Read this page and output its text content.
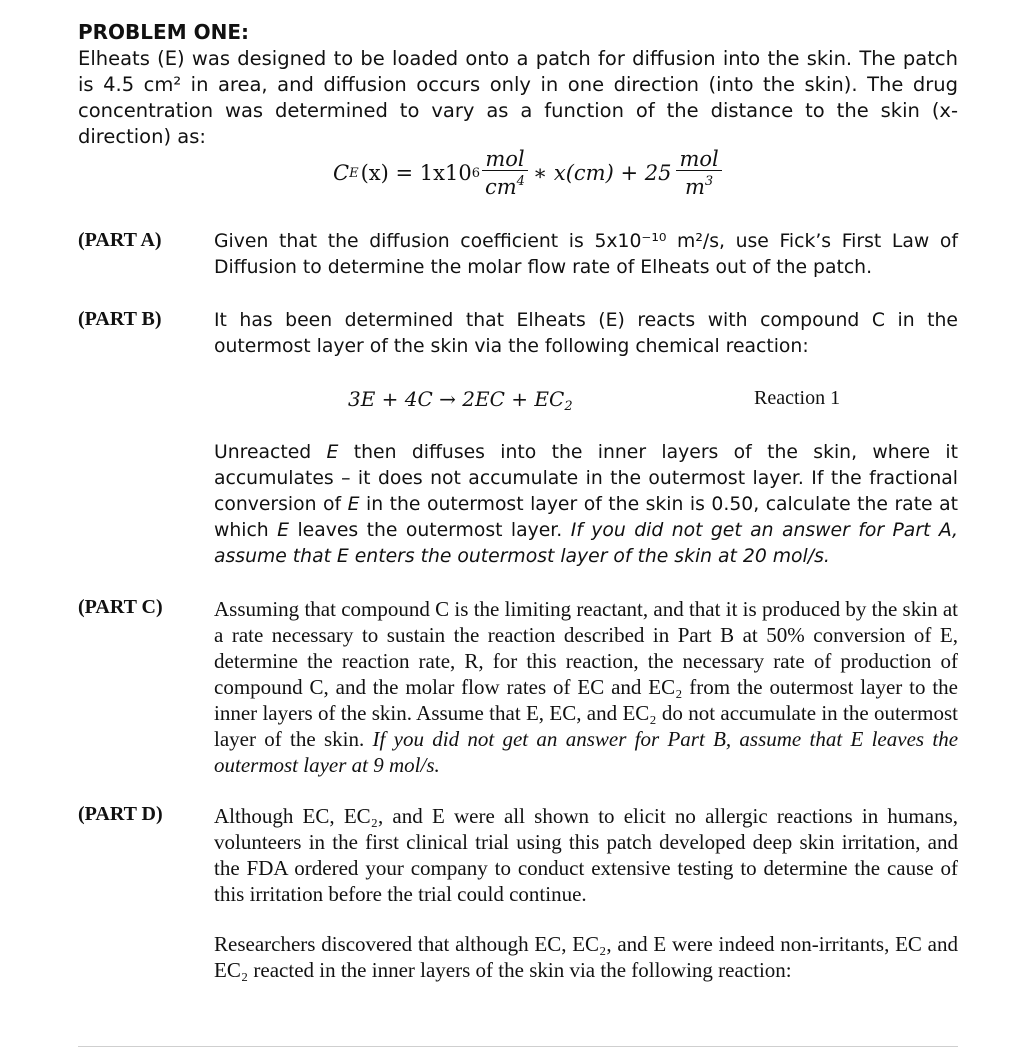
PROBLEM ONE:
Elheats (E) was designed to be loaded onto a patch for diffusion into the skin. The patch is 4.5 cm² in area, and diffusion occurs only in one direction (into the skin). The drug concentration was determined to vary as a function of the distance to the skin (x-direction) as:
C E (x) = 1x10 $6 \frac{\text{mol}}{cm^4}$ ∗ $x(cm) + 25 \frac{\text{mol}}{m^3}$
(PART A)	Given that the diffusion coefficient is 5x10⁻¹⁰ m²/s, use Fick’s First Law of Diffusion to determine the molar flow rate of Elheats out of the patch.
(PART B)	It has been determined that Elheats (E) reacts with compound C in the outermost layer of the skin via the following chemical reaction:
$3E + 4C \to 2EC + EC_2$	Reaction 1
Unreacted E then diffuses into the inner layers of the skin, where it accumulates – it does not accumulate in the outermost layer. If the fractional conversion of E in the outermost layer of the skin is 0.50, calculate the rate at which E leaves the outermost layer. If you did not get an answer for Part A, assume that E enters the outermost layer of the skin at 20 mol/s.
(PART C) Assuming that compound C is the limiting reactant, and that it is produced by the skin at a rate necessary to sustain the reaction described in Part B at 50% conversion of E, determine the reaction rate, R, for this reaction, the necessary rate of production of compound C, and the molar flow rates of EC and EC₂ from the outermost layer to the inner layers of the skin. Assume that E, EC, and EC₂ do not accumulate in the outermost layer of the skin. If you did not get an answer for Part B, assume that E leaves the outermost layer at 9 mol/s.
(PART D) Although EC, EC₂, and E were all shown to elicit no allergic reactions in humans, volunteers in the first clinical trial using this patch developed deep skin irritation, and the FDA ordered your company to conduct extensive testing to determine the cause of this irritation before the trial could continue.
Researchers discovered that although EC, EC₂, and E were indeed non-irritants, EC and EC₂ reacted in the inner layers of the skin via the following reaction:
